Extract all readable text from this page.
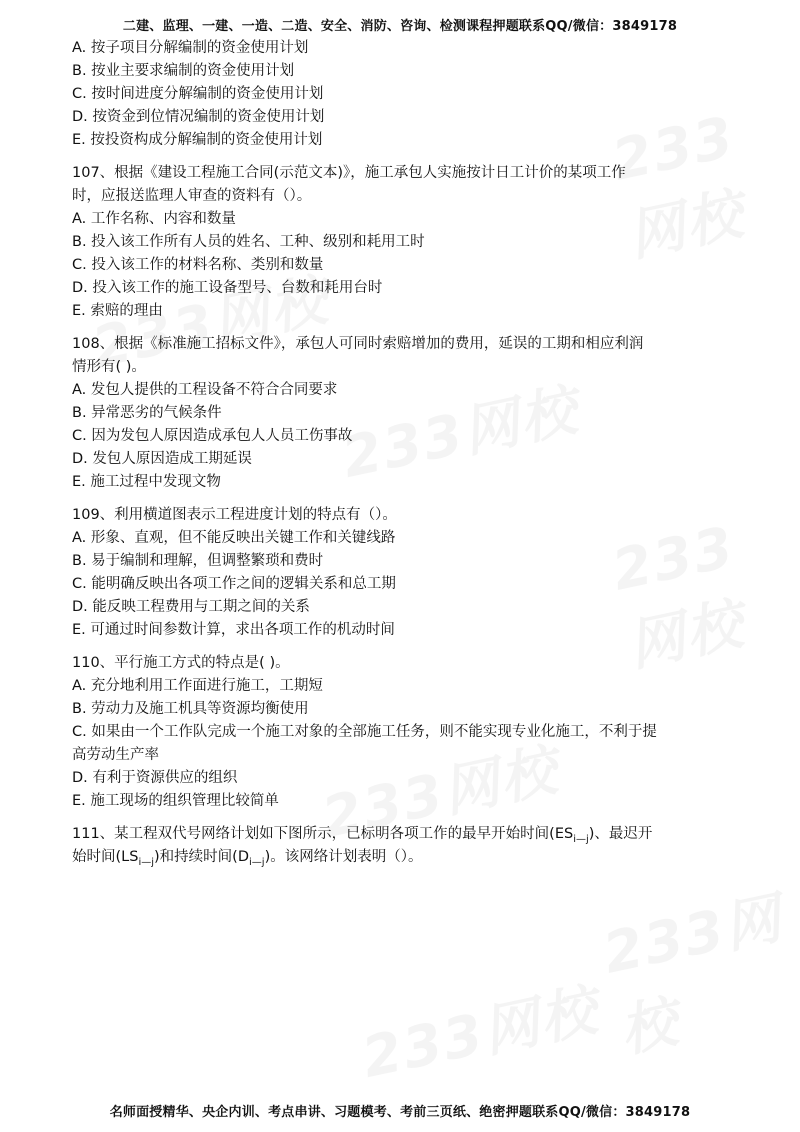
二建、监理、一建、一造、二造、安全、消防、咨询、检测课程押题联系QQ/微信：3849178
A. 按子项目分解编制的资金使用计划
B. 按业主要求编制的资金使用计划
C. 按时间进度分解编制的资金使用计划
D. 按资金到位情况编制的资金使用计划
E. 按投资构成分解编制的资金使用计划
107、根据《建设工程施工合同(示范文本)》，施工承包人实施按计日工计价的某项工作
时，应报送监理人审查的资料有（）。
A. 工作名称、内容和数量
B. 投入该工作所有人员的姓名、工种、级别和耗用工时
C. 投入该工作的材料名称、类别和数量
D. 投入该工作的施工设备型号、台数和耗用台时
E. 索赔的理由
108、根据《标准施工招标文件》，承包人可同时索赔增加的费用，延误的工期和相应利润
情形有( )。
A. 发包人提供的工程设备不符合合同要求
B. 异常恶劣的气候条件
C. 因为发包人原因造成承包人人员工伤事故
D. 发包人原因造成工期延误
E. 施工过程中发现文物
109、利用横道图表示工程进度计划的特点有（）。
A. 形象、直观，但不能反映出关键工作和关键线路
B. 易于编制和理解，但调整繁琐和费时
C. 能明确反映出各项工作之间的逻辑关系和总工期
D. 能反映工程费用与工期之间的关系
E. 可通过时间参数计算，求出各项工作的机动时间
110、平行施工方式的特点是( )。
A. 充分地利用工作面进行施工，工期短
B. 劳动力及施工机具等资源均衡使用
C. 如果由一个工作队完成一个施工对象的全部施工任务，则不能实现专业化施工，不利于提
高劳动生产率
D. 有利于资源供应的组织
E. 施工现场的组织管理比较简单
111、某工程双代号网络计划如下图所示，已标明各项工作的最早开始时间$(ES_{i—j})$、最迟开
始时间$(LS_{i—j})$和持续时间$(D_{i—j})$。该网络计划表明（）。
名师面授精华、央企内训、考点串讲、习题模考、考前三页纸、绝密押题联系QQ/微信：3849178
